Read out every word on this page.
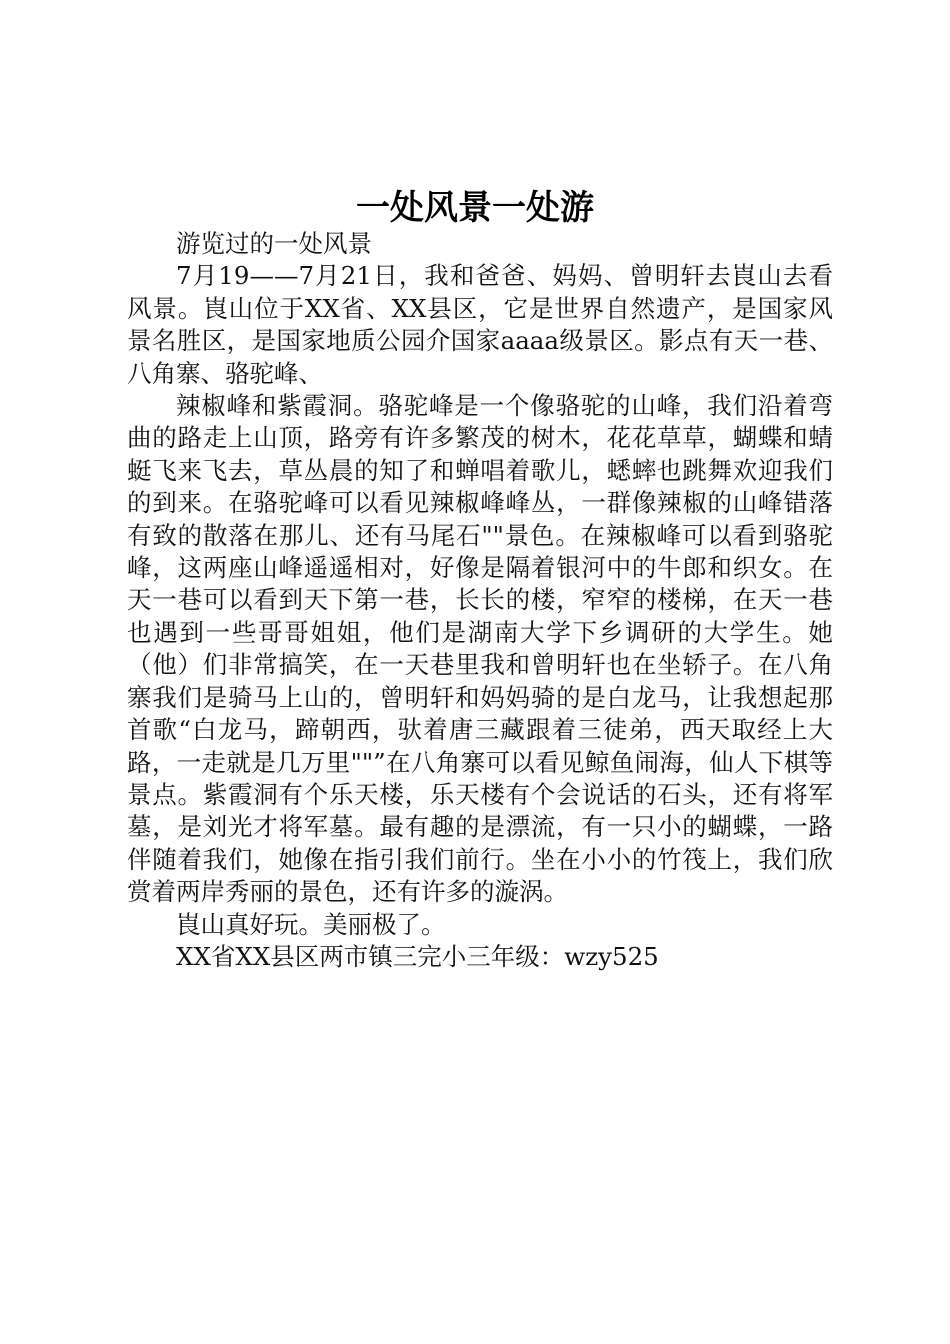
一处风景一处游

游览过的一处风景

7月19——7月21日，我和爸爸、妈妈、曾明轩去崀山去看风景。崀山位于XX省、XX县区，它是世界自然遗产，是国家风景名胜区，是国家地质公园介国家aaaa级景区。影点有天一巷、八角寨、骆驼峰、

辣椒峰和紫霞洞。骆驼峰是一个像骆驼的山峰，我们沿着弯曲的路走上山顶，路旁有许多繁茂的树木，花花草草，蝴蝶和蜻蜓飞来飞去，草丛晨的知了和蝉唱着歌儿，蟋蟀也跳舞欢迎我们的到来。在骆驼峰可以看见辣椒峰峰丛，一群像辣椒的山峰错落有致的散落在那儿、还有马尾石""景色。在辣椒峰可以看到骆驼峰，这两座山峰遥遥相对，好像是隔着银河中的牛郎和织女。在天一巷可以看到天下第一巷，长长的楼，窄窄的楼梯，在天一巷也遇到一些哥哥姐姐，他们是湖南大学下乡调研的大学生。她（他）们非常搞笑，在一天巷里我和曾明轩也在坐轿子。在八角寨我们是骑马上山的，曾明轩和妈妈骑的是白龙马，让我想起那首歌“白龙马，蹄朝西，驮着唐三藏跟着三徒弟，西天取经上大路，一走就是几万里""”在八角寨可以看见鲸鱼闹海，仙人下棋等景点。紫霞洞有个乐天楼，乐天楼有个会说话的石头，还有将军墓，是刘光才将军墓。最有趣的是漂流，有一只小的蝴蝶，一路伴随着我们，她像在指引我们前行。坐在小小的竹筏上，我们欣赏着两岸秀丽的景色，还有许多的漩涡。

崀山真好玩。美丽极了。

XX省XX县区两市镇三完小三年级：wzy525
